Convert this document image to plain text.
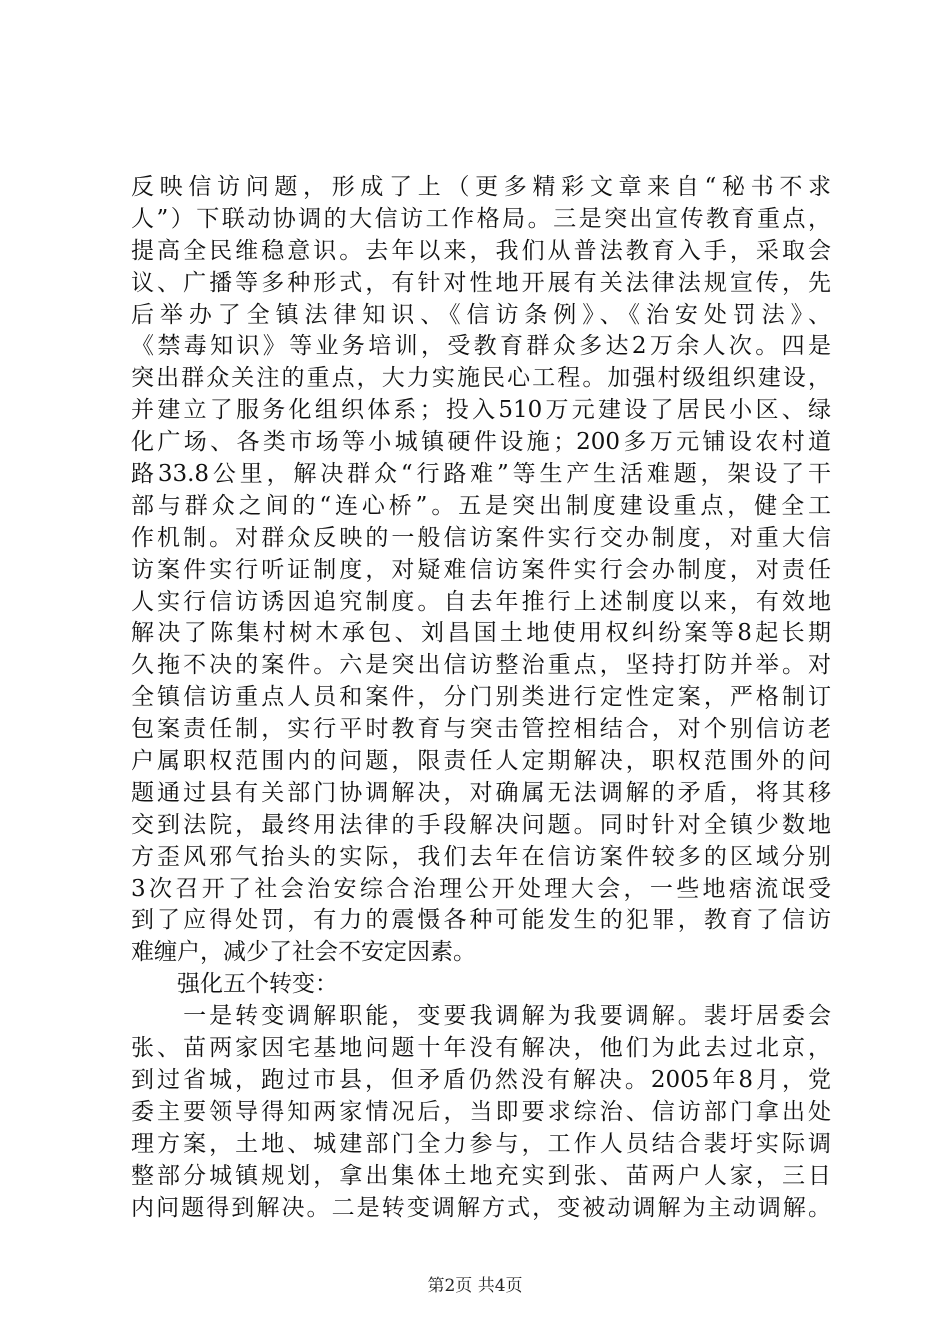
反映信访问题，形成了上（更多精彩文章来自“秘书不求
人”）下联动协调的大信访工作格局。三是突出宣传教育重点，
提高全民维稳意识。去年以来，我们从普法教育入手，采取会
议、广播等多种形式，有针对性地开展有关法律法规宣传，先
后举办了全镇法律知识、《信访条例》、《治安处罚法》、
《禁毒知识》等业务培训，受教育群众多达2万余人次。四是
突出群众关注的重点，大力实施民心工程。加强村级组织建设，
并建立了服务化组织体系；投入510万元建设了居民小区、绿
化广场、各类市场等小城镇硬件设施；200多万元铺设农村道
路33.8公里，解决群众“行路难”等生产生活难题，架设了干
部与群众之间的“连心桥”。五是突出制度建设重点，健全工
作机制。对群众反映的一般信访案件实行交办制度，对重大信
访案件实行听证制度，对疑难信访案件实行会办制度，对责任
人实行信访诱因追究制度。自去年推行上述制度以来，有效地
解决了陈集村树木承包、刘昌国土地使用权纠纷案等8起长期
久拖不决的案件。六是突出信访整治重点，坚持打防并举。对
全镇信访重点人员和案件，分门别类进行定性定案，严格制订
包案责任制，实行平时教育与突击管控相结合，对个别信访老
户属职权范围内的问题，限责任人定期解决，职权范围外的问
题通过县有关部门协调解决，对确属无法调解的矛盾，将其移
交到法院，最终用法律的手段解决问题。同时针对全镇少数地
方歪风邪气抬头的实际，我们去年在信访案件较多的区域分别
3次召开了社会治安综合治理公开处理大会，一些地痞流氓受
到了应得处罚，有力的震慑各种可能发生的犯罪，教育了信访
难缠户，减少了社会不安定因素。
　　强化五个转变：
　　一是转变调解职能，变要我调解为我要调解。裴圩居委会
张、苗两家因宅基地问题十年没有解决，他们为此去过北京，
到过省城，跑过市县，但矛盾仍然没有解决。2005年8月，党
委主要领导得知两家情况后，当即要求综治、信访部门拿出处
理方案，土地、城建部门全力参与，工作人员结合裴圩实际调
整部分城镇规划，拿出集体土地充实到张、苗两户人家，三日
内问题得到解决。二是转变调解方式，变被动调解为主动调解。
第2页 共4页
